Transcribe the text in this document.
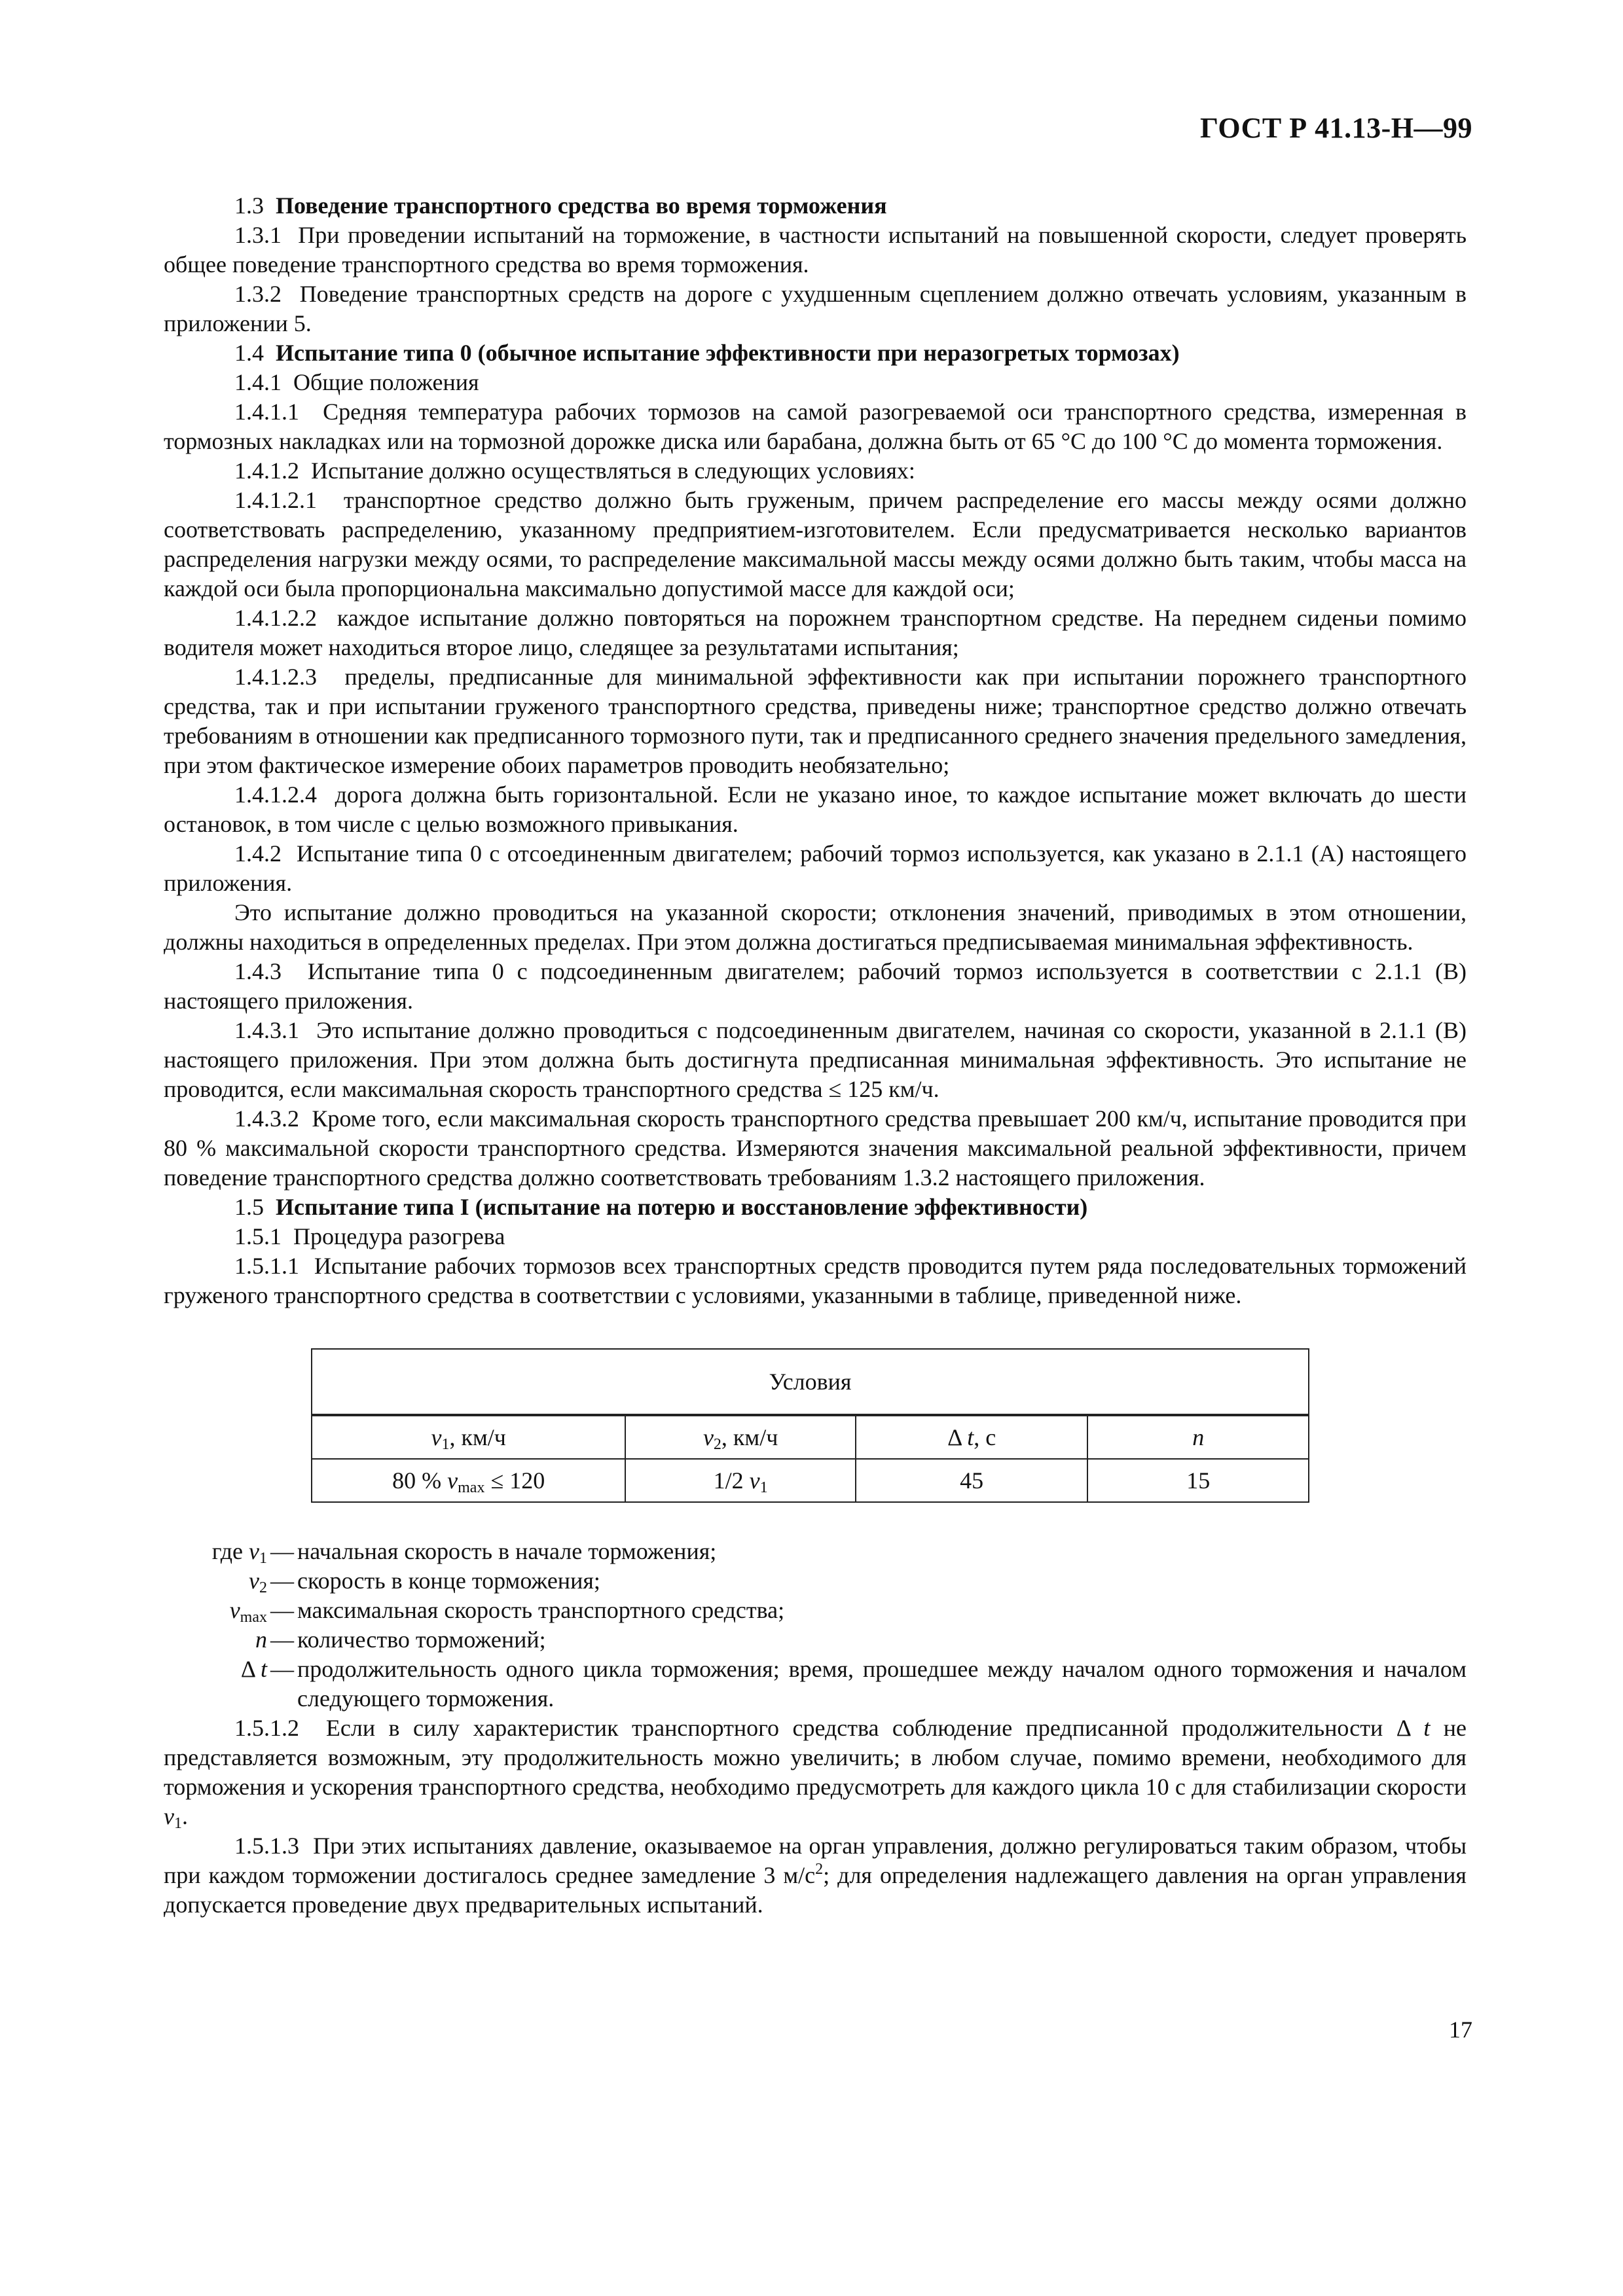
ГОСТ Р 41.13-Н—99

1.3 Поведение транспортного средства во время торможения

1.3.1 При проведении испытаний на торможение, в частности испытаний на повышенной скорости, следует проверять общее поведение транспортного средства во время торможения.

1.3.2 Поведение транспортных средств на дороге с ухудшенным сцеплением должно отвечать условиям, указанным в приложении 5.

1.4 Испытание типа 0 (обычное испытание эффективности при неразогретых тормозах)

1.4.1 Общие положения

1.4.1.1 Средняя температура рабочих тормозов на самой разогреваемой оси транспортного средства, измеренная в тормозных накладках или на тормозной дорожке диска или барабана, должна быть от 65 °С до 100 °С до момента торможения.

1.4.1.2 Испытание должно осуществляться в следующих условиях:

1.4.1.2.1 транспортное средство должно быть груженым, причем распределение его массы между осями должно соответствовать распределению, указанному предприятием-изготовителем. Если предусматривается несколько вариантов распределения нагрузки между осями, то распределение максимальной массы между осями должно быть таким, чтобы масса на каждой оси была пропорциональна максимально допустимой массе для каждой оси;

1.4.1.2.2 каждое испытание должно повторяться на порожнем транспортном средстве. На переднем сиденьи помимо водителя может находиться второе лицо, следящее за результатами испытания;

1.4.1.2.3 пределы, предписанные для минимальной эффективности как при испытании порожнего транспортного средства, так и при испытании груженого транспортного средства, приведены ниже; транспортное средство должно отвечать требованиям в отношении как предписанного тормозного пути, так и предписанного среднего значения предельного замедления, при этом фактическое измерение обоих параметров проводить необязательно;

1.4.1.2.4 дорога должна быть горизонтальной. Если не указано иное, то каждое испытание может включать до шести остановок, в том числе с целью возможного привыкания.

1.4.2 Испытание типа 0 с отсоединенным двигателем; рабочий тормоз используется, как указано в 2.1.1 (А) настоящего приложения.

Это испытание должно проводиться на указанной скорости; отклонения значений, приводимых в этом отношении, должны находиться в определенных пределах. При этом должна достигаться предписываемая минимальная эффективность.

1.4.3 Испытание типа 0 с подсоединенным двигателем; рабочий тормоз используется в соответствии с 2.1.1 (В) настоящего приложения.

1.4.3.1 Это испытание должно проводиться с подсоединенным двигателем, начиная со скорости, указанной в 2.1.1 (В) настоящего приложения. При этом должна быть достигнута предписанная минимальная эффективность. Это испытание не проводится, если максимальная скорость транспортного средства ≤ 125 км/ч.

1.4.3.2 Кроме того, если максимальная скорость транспортного средства превышает 200 км/ч, испытание проводится при 80 % максимальной скорости транспортного средства. Измеряются значения максимальной реальной эффективности, причем поведение транспортного средства должно соответствовать требованиям 1.3.2 настоящего приложения.

1.5 Испытание типа I (испытание на потерю и восстановление эффективности)

1.5.1 Процедура разогрева

1.5.1.1 Испытание рабочих тормозов всех транспортных средств проводится путем ряда последовательных торможений груженого транспортного средства в соответствии с условиями, указанными в таблице, приведенной ниже.

Условия			
$v_1$, км/ч	$v_2$, км/ч	Δ t, с	n
80 % $v_{max} \le 120$	1/2 $v_1$	45	15
где $v_1$ — начальная скорость в начале торможения;
$v_2$ — скорость в конце торможения;
$v_{max}$ — максимальная скорость транспортного средства;
n — количество торможений;
Δ t — продолжительность одного цикла торможения; время, прошедшее между началом одного торможения и началом следующего торможения.

1.5.1.2 Если в силу характеристик транспортного средства соблюдение предписанной продолжительности Δ t не представляется возможным, эту продолжительность можно увеличить; в любом случае, помимо времени, необходимого для торможения и ускорения транспортного средства, необходимо предусмотреть для каждого цикла 10 с для стабилизации скорости $v_1$.

1.5.1.3 При этих испытаниях давление, оказываемое на орган управления, должно регулироваться таким образом, чтобы при каждом торможении достигалось среднее замедление 3 $м/с^2$; для определения надлежащего давления на орган управления допускается проведение двух предварительных испытаний.

17
